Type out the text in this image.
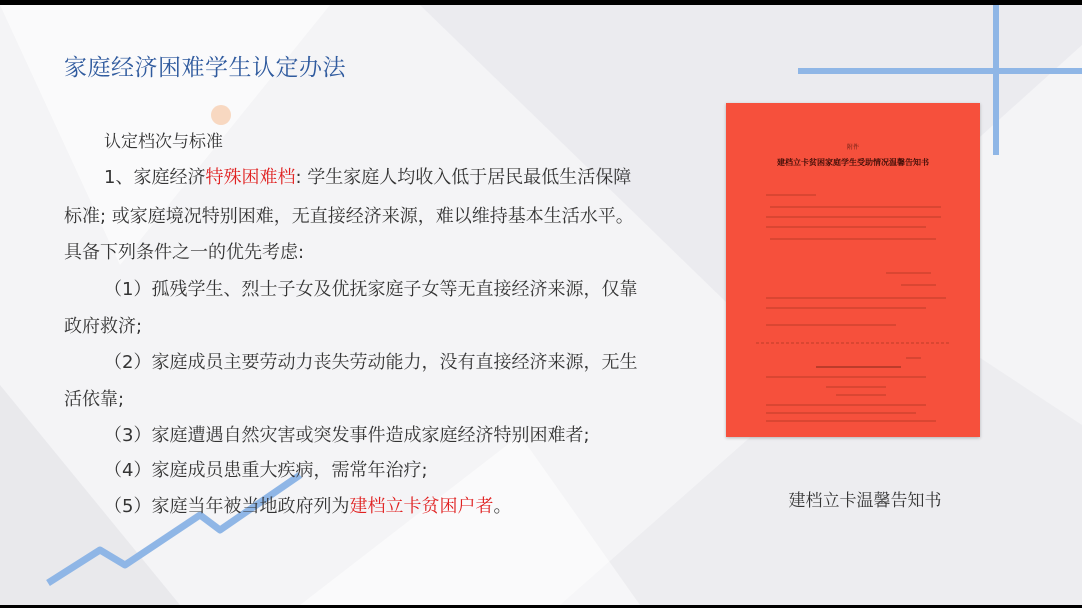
家庭经济困难学生认定办法
认定档次与标准
1、家庭经济特殊困难档: 学生家庭人均收入低于居民最低生活保障
标准; 或家庭境况特别困难，无直接经济来源，难以维持基本生活水平。
具备下列条件之一的优先考虑:
（1）孤残学生、烈士子女及优抚家庭子女等无直接经济来源，仅靠
政府救济;
（2）家庭成员主要劳动力丧失劳动能力，没有直接经济来源，无生
活依靠;
（3）家庭遭遇自然灾害或突发事件造成家庭经济特别困难者;
（4）家庭成员患重大疾病，需常年治疗;
（5）家庭当年被当地政府列为建档立卡贫困户者。
附件
建档立卡贫困家庭学生受助情况温馨告知书
建档立卡温馨告知书
